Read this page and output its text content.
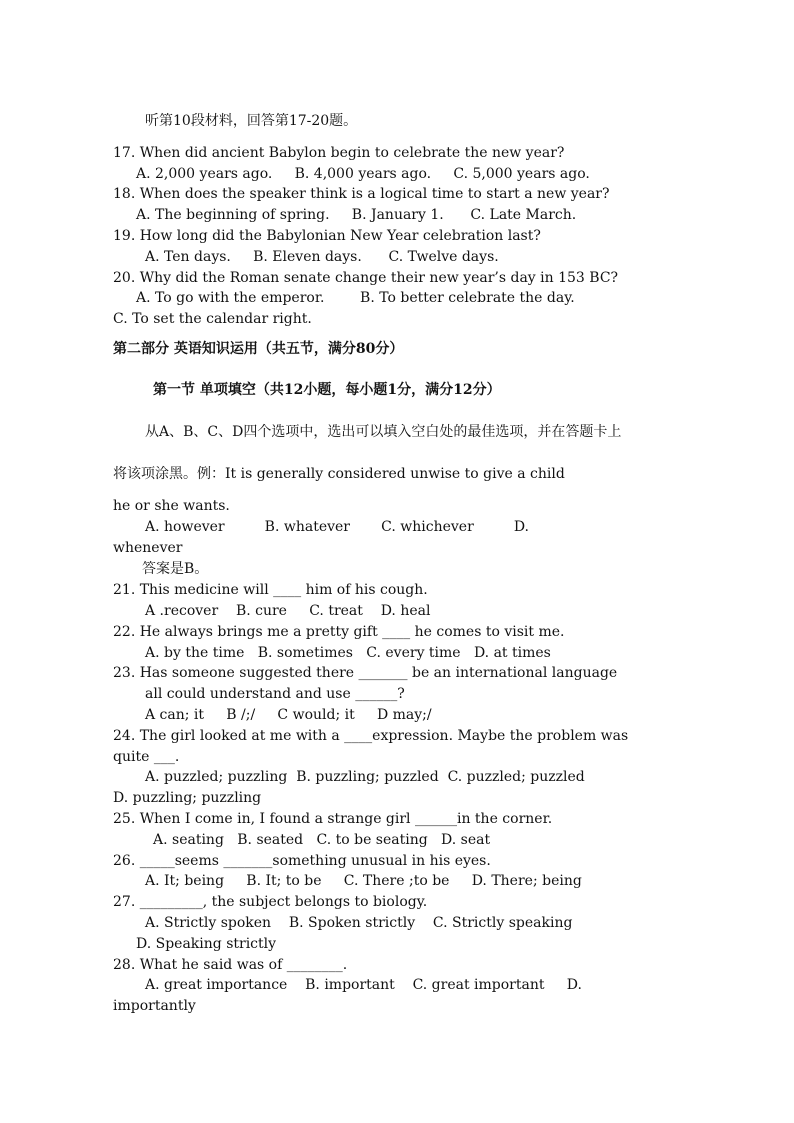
听第10段材料，回答第17-20题。
17. When did ancient Babylon begin to celebrate the new year?
A. 2,000 years ago.     B. 4,000 years ago.     C. 5,000 years ago.
18. When does the speaker think is a logical time to start a new year?
A. The beginning of spring.     B. January 1.      C. Late March.
19. How long did the Babylonian New Year celebration last?
A. Ten days.     B. Eleven days.      C. Twelve days.
20. Why did the Roman senate change their new year’s day in 153 BC?
A. To go with the emperor.        B. To better celebrate the day.
C. To set the calendar right.
第二部分 英语知识运用（共五节，满分80分）
第一节 单项填空（共12小题，每小题1分，满分12分）
从A、B、C、D四个选项中，选出可以填入空白处的最佳选项，并在答题卡上
将该项涂黑。例：It is generally considered unwise to give a child
he or she wants.
A. however         B. whatever       C. whichever         D.
whenever
答案是B。
21. This medicine will ____ him of his cough.
A .recover    B. cure     C. treat    D. heal
22. He always brings me a pretty gift ____ he comes to visit me.
A. by the time   B. sometimes   C. every time   D. at times
23. Has someone suggested there _______ be an international language
all could understand and use ______?
A can; it     B /;/     C would; it     D may;/
24. The girl looked at me with a ____expression. Maybe the problem was
quite ___.
A. puzzled; puzzling  B. puzzling; puzzled  C. puzzled; puzzled
D. puzzling; puzzling
25. When I come in, I found a strange girl ______in the corner.
A. seating   B. seated   C. to be seating   D. seat
26. _____seems _______something unusual in his eyes.
A. It; being     B. It; to be     C. There ;to be     D. There; being
27. _________, the subject belongs to biology.
A. Strictly spoken    B. Spoken strictly    C. Strictly speaking
D. Speaking strictly
28. What he said was of ________.
A. great importance    B. important    C. great important     D.
importantly
